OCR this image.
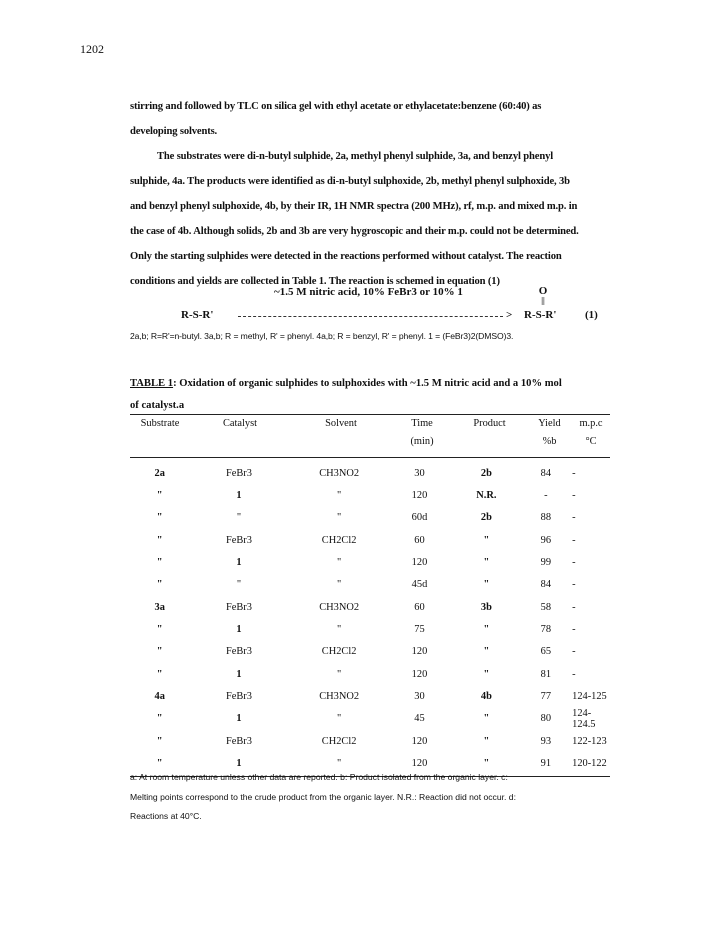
1202
stirring and followed by TLC on silica gel with ethyl acetate or ethylacetate:benzene (60:40) as
developing solvents.
The substrates were di-n-butyl sulphide, 2a, methyl phenyl sulphide, 3a, and benzyl phenyl
sulphide, 4a. The products were identified as di-n-butyl sulphoxide, 2b, methyl phenyl sulphoxide, 3b
and benzyl phenyl sulphoxide, 4b, by their IR, 1H NMR spectra (200 MHz), rf, m.p. and mixed m.p. in
the case of 4b. Although solids, 2b and 3b are very hygroscopic and their m.p. could not be determined.
Only the starting sulphides were detected in the reactions performed without catalyst. The reaction
conditions and yields are collected in Table 1. The reaction is schemed in equation (1)
~1.5 M nitric acid, 10% FeBr3 or 10% 1	O
||
R-S-R'	> R-S-R'	(1)
2a,b; R=R'=n-butyl. 3a,b; R = methyl, R' = phenyl. 4a,b; R = benzyl, R' = phenyl. 1 = (FeBr3)2(DMSO)3.
TABLE 1: Oxidation of organic sulphides to sulphoxides with ~1.5 M nitric acid and a 10% mol
of catalyst.a
Substrate	Catalyst	Solvent	Time	Product	Yield	m.p.c
(min)	%b	°C
2a	FeBr3	CH3NO2	30	2b	84	-
"	1	"	120	N.R.	-	-
"	"	"	60d	2b	88	-
"	FeBr3	CH2Cl2	60	"	96	-
"	1	"	120	"	99	-
"	"	"	45d	"	84	-
3a	FeBr3	CH3NO2	60	3b	58	-
"	1	"	75	"	78	-
"	FeBr3	CH2Cl2	120	"	65	-
"	1	"	120	"	81	-
4a	FeBr3	CH3NO2	30	4b	77	124-125
"	1	"	45	"	80	124-124.5
"	FeBr3	CH2Cl2	120	"	93	122-123
"	1	"	120	"	91	120-122
a: At room temperature unless other data are reported. b: Product isolated from the organic layer. c:
Melting points correspond to the crude product from the organic layer. N.R.: Reaction did not occur. d:
Reactions at 40°C.
